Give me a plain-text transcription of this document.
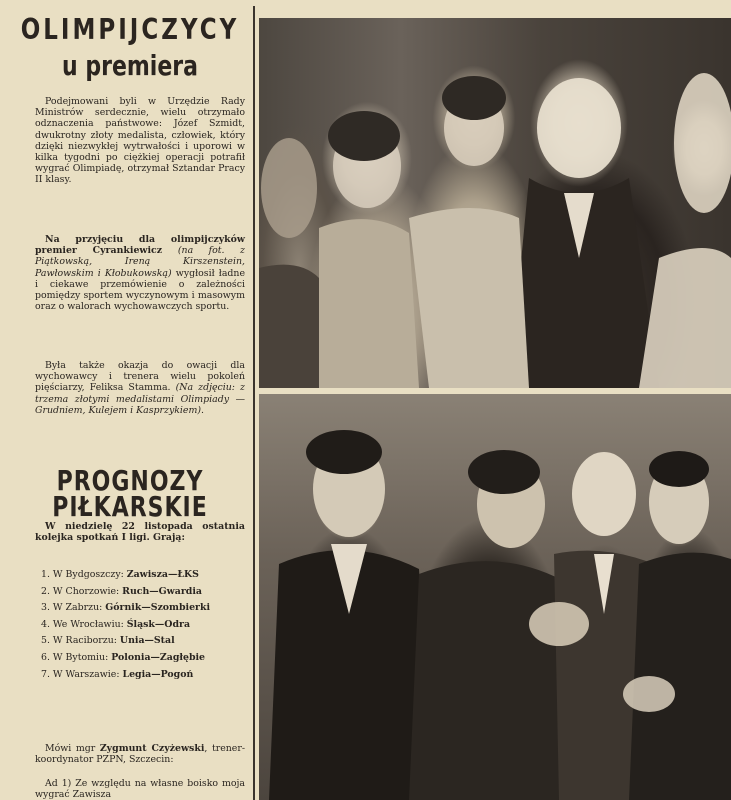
OLIMPIJCZYCY
u premiera

Podejmowani byli w Urzędzie Rady Ministrów serdecznie, wielu otrzymało odznaczenia państwowe: Józef Szmidt, dwukrotny złoty medalista, człowiek, który dzięki niezwykłej wytrwałości i uporowi w kilka tygodni po ciężkiej operacji potrafił wygrać Olimpiadę, otrzymał Sztandar Pracy II klasy.

Na przyjęciu dla olimpijczyków premier Cyrankiewicz (na fot. z Piątkowską, Ireną Kirszenstein, Pawłowskim i Kłobukowską) wygłosił ładne i ciekawe przemówienie o zależności pomiędzy sportem wyczynowym i masowym oraz o walorach wychowawczych sportu.

Była także okazja do owacji dla wychowawcy i trenera wielu pokoleń pięściarzy, Feliksa Stamma. (Na zdjęciu: z trzema złotymi medalistami Olimpiady — Grudniem, Kulejem i Kasprzykiem).

PROGNOZY
PIŁKARSKIE

W niedzielę 22 listopada ostatnia kolejka spotkań I ligi. Grają:

1. W Bydgoszczy: Zawisza—ŁKS
2. W Chorzowie: Ruch—Gwardia
3. W Zabrzu: Górnik—Szombierki
4. We Wrocławiu: Śląsk—Odra
5. W Raciborzu: Unia—Stal
6. W Bytomiu: Polonia—Zagłębie
7. W Warszawie: Legia—Pogoń

Mówi mgr Zygmunt Czyżewski, trener-koordynator PZPN, Szczecin:

Ad 1) Ze względu na własne boisko moja wygrać Zawisza
